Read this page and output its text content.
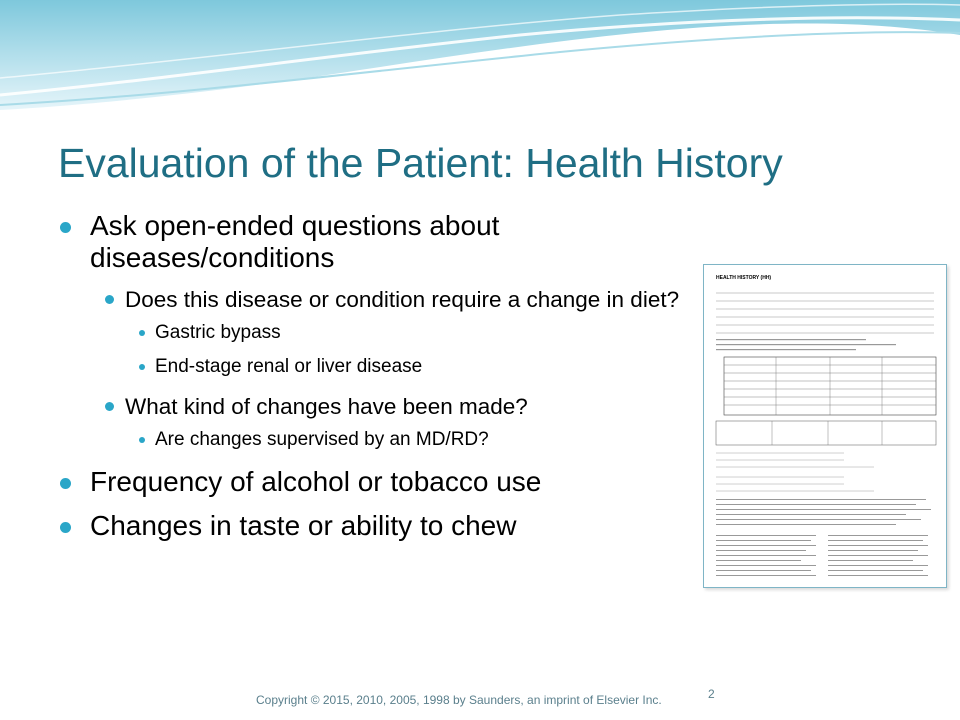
Evaluation of the Patient: Health History
Ask open-ended questions about diseases/conditions
Does this disease or condition require a change in diet?
Gastric bypass
End-stage renal or liver disease
What kind of changes have been made?
Are changes supervised by an MD/RD?
Frequency of alcohol or tobacco use
Changes in taste or ability to chew
HEALTH HISTORY (HH)
Copyright © 2015, 2010, 2005, 1998 by Saunders, an imprint of Elsevier Inc.	2
